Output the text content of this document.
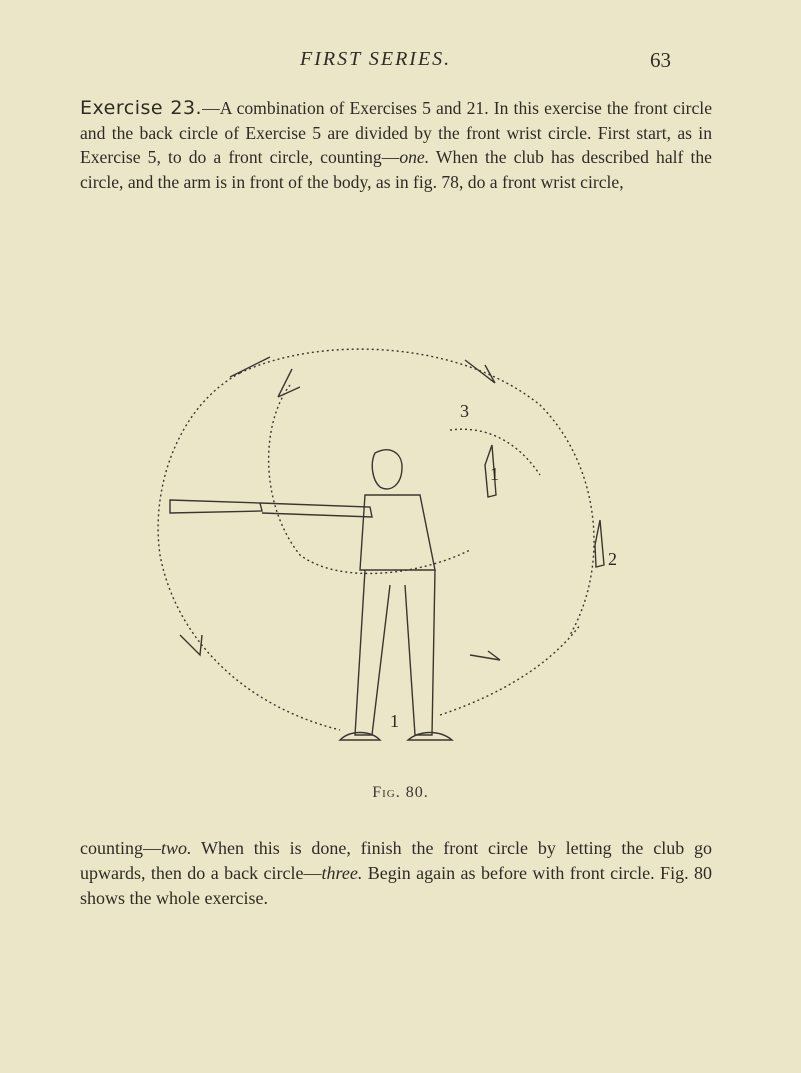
FIRST SERIES.	63

Exercise 23.—A combination of Exercises 5 and 21. In this exercise the front circle and the back circle of Exercise 5 are divided by the front wrist circle. First start, as in Exercise 5, to do a front circle, counting—one. When the club has described half the circle, and the arm is in front of the body, as in fig. 78, do a front wrist circle,

3
2
1
1
Fig. 80.

counting—two. When this is done, finish the front circle by letting the club go upwards, then do a back circle—three. Begin again as before with front circle. Fig. 80 shows the whole exercise.
